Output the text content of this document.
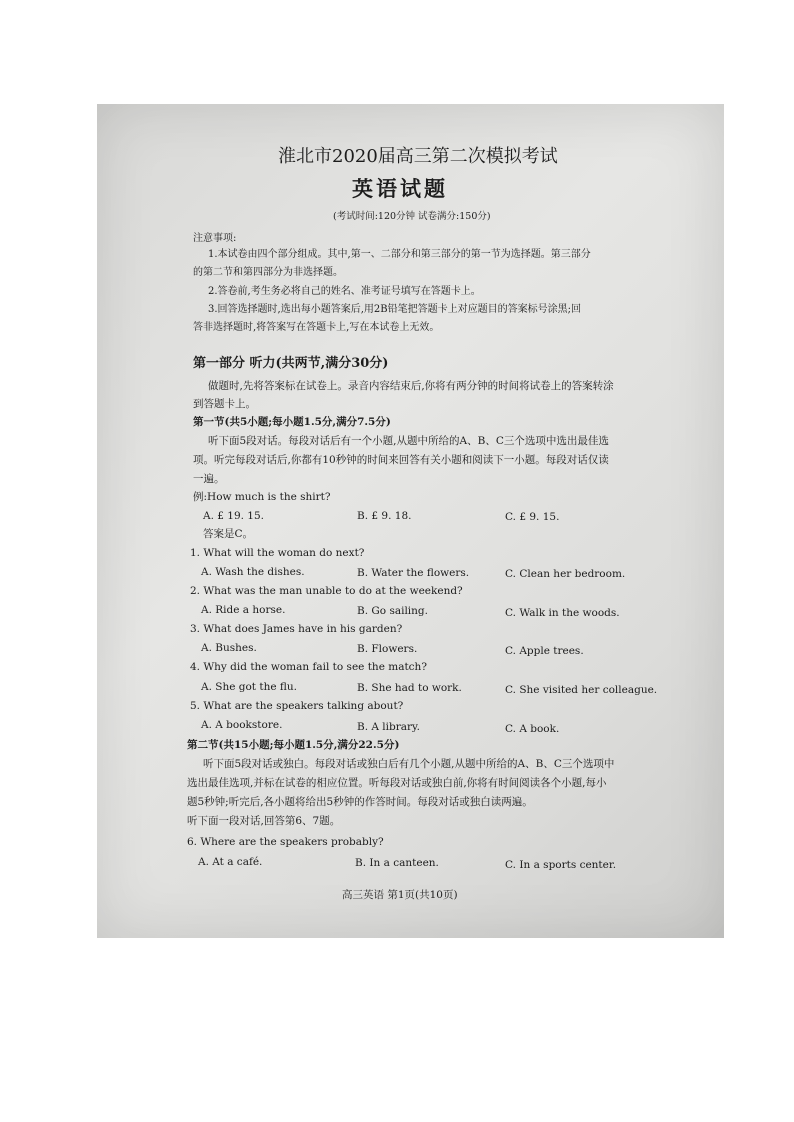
淮北市2020届高三第二次模拟考试
英语试题
(考试时间:120分钟 试卷满分:150分)
注意事项:
1.本试卷由四个部分组成。其中,第一、二部分和第三部分的第一节为选择题。第三部分
的第二节和第四部分为非选择题。
2.答卷前,考生务必将自己的姓名、准考证号填写在答题卡上。
3.回答选择题时,选出每小题答案后,用2B铅笔把答题卡上对应题目的答案标号涂黑;回
答非选择题时,将答案写在答题卡上,写在本试卷上无效。
第一部分 听力(共两节,满分30分)
做题时,先将答案标在试卷上。录音内容结束后,你将有两分钟的时间将试卷上的答案转涂
到答题卡上。
第一节(共5小题;每小题1.5分,满分7.5分)
听下面5段对话。每段对话后有一个小题,从题中所给的A、B、C三个选项中选出最佳选
项。听完每段对话后,你都有10秒钟的时间来回答有关小题和阅读下一小题。每段对话仅读
一遍。
例:How much is the shirt?
A. £ 19. 15.	B. £ 9. 18.	C. £ 9. 15.
答案是C。
1. What will the woman do next?
A. Wash the dishes.	B. Water the flowers.	C. Clean her bedroom.
2. What was the man unable to do at the weekend?
A. Ride a horse.	B. Go sailing.	C. Walk in the woods.
3. What does James have in his garden?
A. Bushes.	B. Flowers.	C. Apple trees.
4. Why did the woman fail to see the match?
A. She got the flu.	B. She had to work.	C. She visited her colleague.
5. What are the speakers talking about?
A. A bookstore.	B. A library.	C. A book.
第二节(共15小题;每小题1.5分,满分22.5分)
听下面5段对话或独白。每段对话或独白后有几个小题,从题中所给的A、B、C三个选项中
选出最佳选项,并标在试卷的相应位置。听每段对话或独白前,你将有时间阅读各个小题,每小
题5秒钟;听完后,各小题将给出5秒钟的作答时间。每段对话或独白读两遍。
听下面一段对话,回答第6、7题。
6. Where are the speakers probably?
A. At a café.	B. In a canteen.	C. In a sports center.
高三英语 第1页(共10页)
